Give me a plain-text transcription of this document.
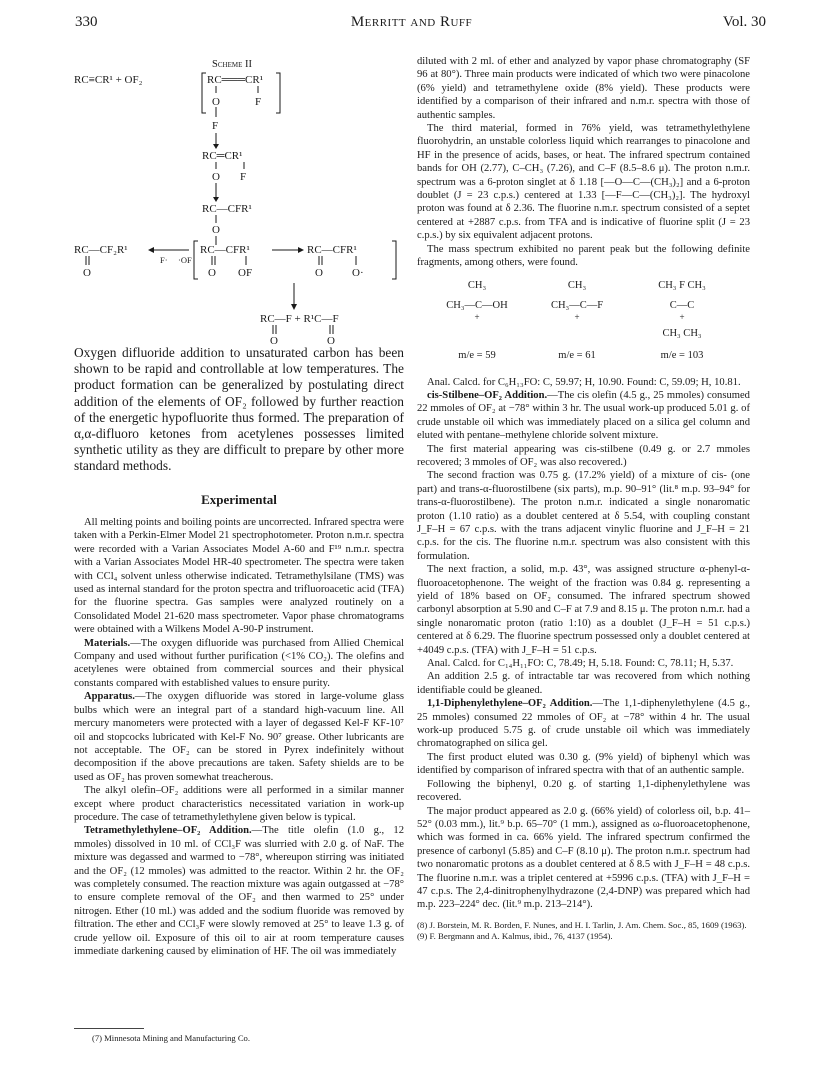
330	Merritt and Ruff	Vol. 30
Scheme II
RC≡CR¹ + OF₂	RC═══CR¹
O	F
F
RC═CR¹
O F
RC—CFR¹
O
RC—CF₂R¹
O
F· ·OF
RC—CFR¹
O OF
RC—CFR¹
O	O·
RC—F + R¹C—F
O	O

Oxygen difluoride addition to unsaturated carbon has been shown to be rapid and controllable at low temperatures. The product formation can be generalized by postulating direct addition of the elements of OF₂ followed by further reaction of the energetic hypofluorite thus formed. The preparation of α,α-difluoro ketones from acetylenes possesses limited synthetic utility as they are difficult to prepare by other more standard methods.

Experimental

All melting points and boiling points are uncorrected. Infrared spectra were taken with a Perkin-Elmer Model 21 spectrophotometer. Proton n.m.r. spectra were recorded with a Varian Associates Model A-60 and F¹⁹ n.m.r. spectra with a Varian Associates Model HR-40 spectrometer. The spectra were taken with CCl₄ solvent unless otherwise indicated. Tetramethylsilane (TMS) was used as internal standard for the proton spectra and trifluoroacetic acid (TFA) for the fluorine spectra. Gas samples were analyzed routinely on a Consolidated Model 21-620 mass spectrometer. Vapor phase chromatograms were obtained with a Wilkens Model A-90-P instrument.

Materials.—The oxygen difluoride was purchased from Allied Chemical Company and used without further purification (<1% CO₂). The olefins and acetylenes were obtained from commercial sources and their physical constants compared with established values to ensure purity.

Apparatus.—The oxygen difluoride was stored in large-volume glass bulbs which were an integral part of a standard high-vacuum line. All mercury manometers were protected with a layer of degassed Kel-F KF-10⁷ oil and stopcocks lubricated with Kel-F No. 90⁷ grease. Other lubricants are not acceptable. The OF₂ can be stored in Pyrex indefinitely without decomposition if the above precautions are taken. Safety shields are to be used as OF₂ has proven somewhat treacherous.

The alkyl olefin–OF₂ additions were all performed in a similar manner except where product characteristics necessitated variation in work-up procedure. The case of tetramethylethylene given below is typical.

Tetramethylethylene–OF₂ Addition.—The title olefin (1.0 g., 12 mmoles) dissolved in 10 ml. of CCl₃F was slurried with 2.0 g. of NaF. The mixture was degassed and warmed to −78°, whereupon stirring was initiated and the OF₂ (12 mmoles) was admitted to the reactor. Within 2 hr. the OF₂ was completely consumed. The reaction mixture was again outgassed at −78° to ensure complete removal of the OF₂ and then warmed to 25° under nitrogen. Ether (10 ml.) was added and the sodium fluoride was removed by filtration. The ether and CCl₃F were slowly removed at 25° to leave 1.3 g. of crude yellow oil. Exposure of this oil to air at room temperature causes immediate darkening caused by elimination of HF. The oil was immediately

(7) Minnesota Mining and Manufacturing Co.

diluted with 2 ml. of ether and analyzed by vapor phase chromatography (SF 96 at 80°). Three main products were indicated of which two were pinacolone (6% yield) and tetramethylene oxide (8% yield). These products were identified by a comparison of their infrared and n.m.r. spectra with those of authentic samples.

The third material, formed in 76% yield, was tetramethylethylene fluorohydrin, an unstable colorless liquid which rearranges to pinacolone and HF in the presence of acids, bases, or heat. The infrared spectrum contained bands for OH (2.77), C–CH₃ (7.26), and C–F (8.5–8.6 μ). The proton n.m.r. spectrum was a 6-proton singlet at δ 1.18 [—O—C—(CH₃)₂] and a 6-proton doublet (J = 23 c.p.s.) centered at 1.33 [—F—C—(CH₃)₂]. The hydroxyl proton was found at δ 2.36. The fluorine n.m.r. spectrum consisted of a septet centered at +2887 c.p.s. from TFA and is indicative of fluorine split (J = 23 c.p.s.) by six equivalent adjacent protons.

The mass spectrum exhibited no parent peak but the following definite fragments, among others, were found.

CH₃
CH₃—C—OH
+
m/e = 59
CH₃
CH₃—C—F
+
m/e = 61
CH₃ F CH₃
C—C
+
CH₃ CH₃
m/e = 103

Anal. Calcd. for C₆H₁₃FO: C, 59.97; H, 10.90. Found: C, 59.09; H, 10.81.

cis-Stilbene–OF₂ Addition.—The cis olefin (4.5 g., 25 mmoles) consumed 22 mmoles of OF₂ at −78° within 3 hr. The usual work-up produced 5.01 g. of crude unstable oil which was immediately placed on a silica gel column and eluted with pentane–methylene chloride solvent mixture.

The first material appearing was cis-stilbene (0.49 g. or 2.7 mmoles recovered; 3 mmoles of OF₂ was also recovered.)

The second fraction was 0.75 g. (17.2% yield) of a mixture of cis- (one part) and trans-α-fluorostilbene (six parts), m.p. 90–91° (lit.⁸ m.p. 93–94° for trans-α-fluorostilbene). The proton n.m.r. indicated a single nonaromatic proton (1.10 ratio) as a doublet centered at δ 5.54, with coupling constant J_F–H = 67 c.p.s. with the trans adjacent vinylic fluorine and J_F–H = 21 c.p.s. for the cis. The fluorine n.m.r. spectrum was also consistent with this formulation.

The next fraction, a solid, m.p. 43°, was assigned structure α-phenyl-α-fluoroacetophenone. The weight of the fraction was 0.84 g. representing a yield of 18% based on OF₂ consumed. The infrared spectrum showed carbonyl absorption at 5.90 and C–F at 7.9 and 8.15 μ. The proton n.m.r. had a single nonaromatic proton (ratio 1:10) as a doublet (J_F–H = 51 c.p.s.) centered at δ 6.29. The fluorine spectrum possessed only a doublet centered at +4049 c.p.s. (TFA) with J_F–H = 51 c.p.s.

Anal. Calcd. for C₁₄H₁₁FO: C, 78.49; H, 5.18. Found: C, 78.11; H, 5.37.

An addition 2.5 g. of intractable tar was recovered from which nothing identifiable could be gleaned.

1,1-Diphenylethylene–OF₂ Addition.—The 1,1-diphenylethylene (4.5 g., 25 mmoles) consumed 22 mmoles of OF₂ at −78° within 4 hr. The usual work-up produced 5.75 g. of crude unstable oil which was immediately chromatographed on silica gel.

The first product eluted was 0.30 g. (9% yield) of biphenyl which was identified by comparison of infrared spectra with that of an authentic sample.

Following the biphenyl, 0.20 g. of starting 1,1-diphenylethylene was recovered.

The major product appeared as 2.0 g. (66% yield) of colorless oil, b.p. 41–52° (0.03 mm.), lit.⁹ b.p. 65–70° (1 mm.), assigned as ω-fluoroacetophenone, which was formed in ca. 66% yield. The infrared spectrum confirmed the presence of carbonyl (5.85) and C–F (8.10 μ). The proton n.m.r. spectrum had two nonaromatic protons as a doublet centered at δ 8.5 with J_F–H = 48 c.p.s. The fluorine n.m.r. was a triplet centered at +5996 c.p.s. (TFA) with J_F–H = 47 c.p.s. The 2,4-dinitrophenylhydrazone (2,4-DNP) was prepared which had m.p. 223–224° dec. (lit.⁹ m.p. 213–214°).

(8) J. Borstein, M. R. Borden, F. Nunes, and H. I. Tarlin, J. Am. Chem. Soc., 85, 1609 (1963).

(9) F. Bergmann and A. Kalmus, ibid., 76, 4137 (1954).
